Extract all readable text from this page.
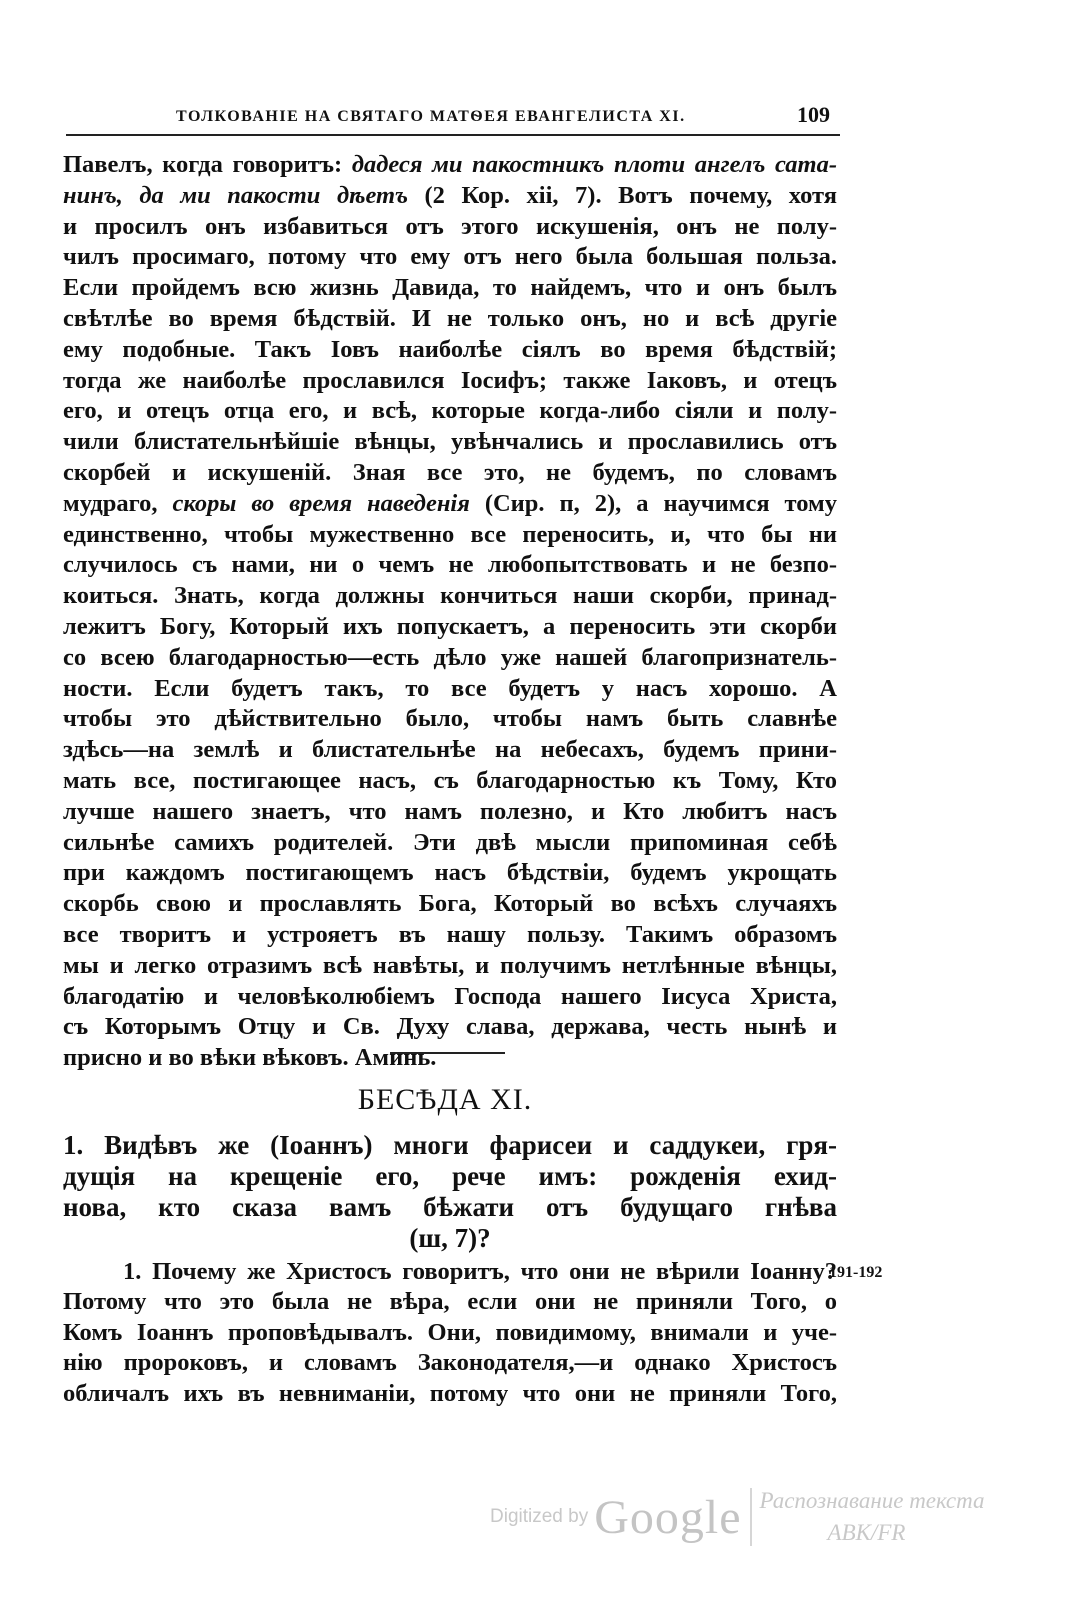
ТОЛКОВАНІЕ НА СВЯТАГО МАТѲЕЯ ЕВАНГЕЛИСТА XI.	109
Павелъ, когда говоритъ: дадеся ми пакостникъ плоти ангелъ сата-
нинъ, да ми пакости дѣетъ (2 Кор. xii, 7). Вотъ почему, хотя
и просилъ онъ избавиться отъ этого искушенія, онъ не полу-
чилъ просимаго, потому что ему отъ него была большая польза.
Если пройдемъ всю жизнь Давида, то найдемъ, что и онъ былъ
свѣтлѣе во время бѣдствій. И не только онъ, но и всѣ другіе
ему подобные. Такъ Іовъ наиболѣе сіялъ во время бѣдствій;
тогда же наиболѣе прославился Іосифъ; также Іаковъ, и отецъ
его, и отецъ отца его, и всѣ, которые когда-либо сіяли и полу-
чили блистательнѣйшіе вѣнцы, увѣнчались и прославились отъ
скорбей и искушеній. Зная все это, не будемъ, по словамъ
мудраго, скоры во время наведенія (Сир. п, 2), а научимся тому
единственно, чтобы мужественно все переносить, и, что бы ни
случилось съ нами, ни о чемъ не любопытствовать и не безпо-
коиться. Знать, когда должны кончиться наши скорби, принад-
лежитъ Богу, Который ихъ попускаетъ, а переносить эти скорби
со всею благодарностью—есть дѣло уже нашей благопризнатель-
ности. Если будетъ такъ, то все будетъ у насъ хорошо. А
чтобы это дѣйствительно было, чтобы намъ быть славнѣе
здѣсь—на землѣ и блистательнѣе на небесахъ, будемъ прини-
мать все, постигающее насъ, съ благодарностью къ Тому, Кто
лучше нашего знаетъ, что намъ полезно, и Кто любитъ насъ
сильнѣе самихъ родителей. Эти двѣ мысли припоминая себѣ
при каждомъ постигающемъ насъ бѣдствіи, будемъ укрощать
скорбь свою и прославлять Бога, Который во всѣхъ случаяхъ
все творитъ и устрояетъ въ нашу пользу. Такимъ образомъ
мы и легко отразимъ всѣ навѣты, и получимъ нетлѣнные вѣнцы,
благодатію и человѣколюбіемъ Господа нашего Іисуса Христа,
съ Которымъ Отцу и Св. Духу слава, держава, честь нынѣ и
присно и во вѣки вѣковъ. Аминь.
БЕСѢДА XI.
1. Видѣвъ же (Іоаннъ) многи фарисеи и саддукеи, гря-
дущія на крещеніе его, рече имъ: рожденія ехид-
нова, кто сказа вамъ бѣжати отъ будущаго гнѣва
(ш, 7)?
1. Почему же Христосъ говоритъ, что они не вѣрили Іоанну?
Потому что это была не вѣра, если они не приняли Того, о
Комъ Іоаннъ проповѣдывалъ. Они, повидимому, внимали и уче-
нію пророковъ, и словамъ Законодателя,—и однако Христосъ
обличалъ ихъ въ невниманіи, потому что они не приняли Того,
191-192
Digitized by Google Распознавание текста
ABK/FR
